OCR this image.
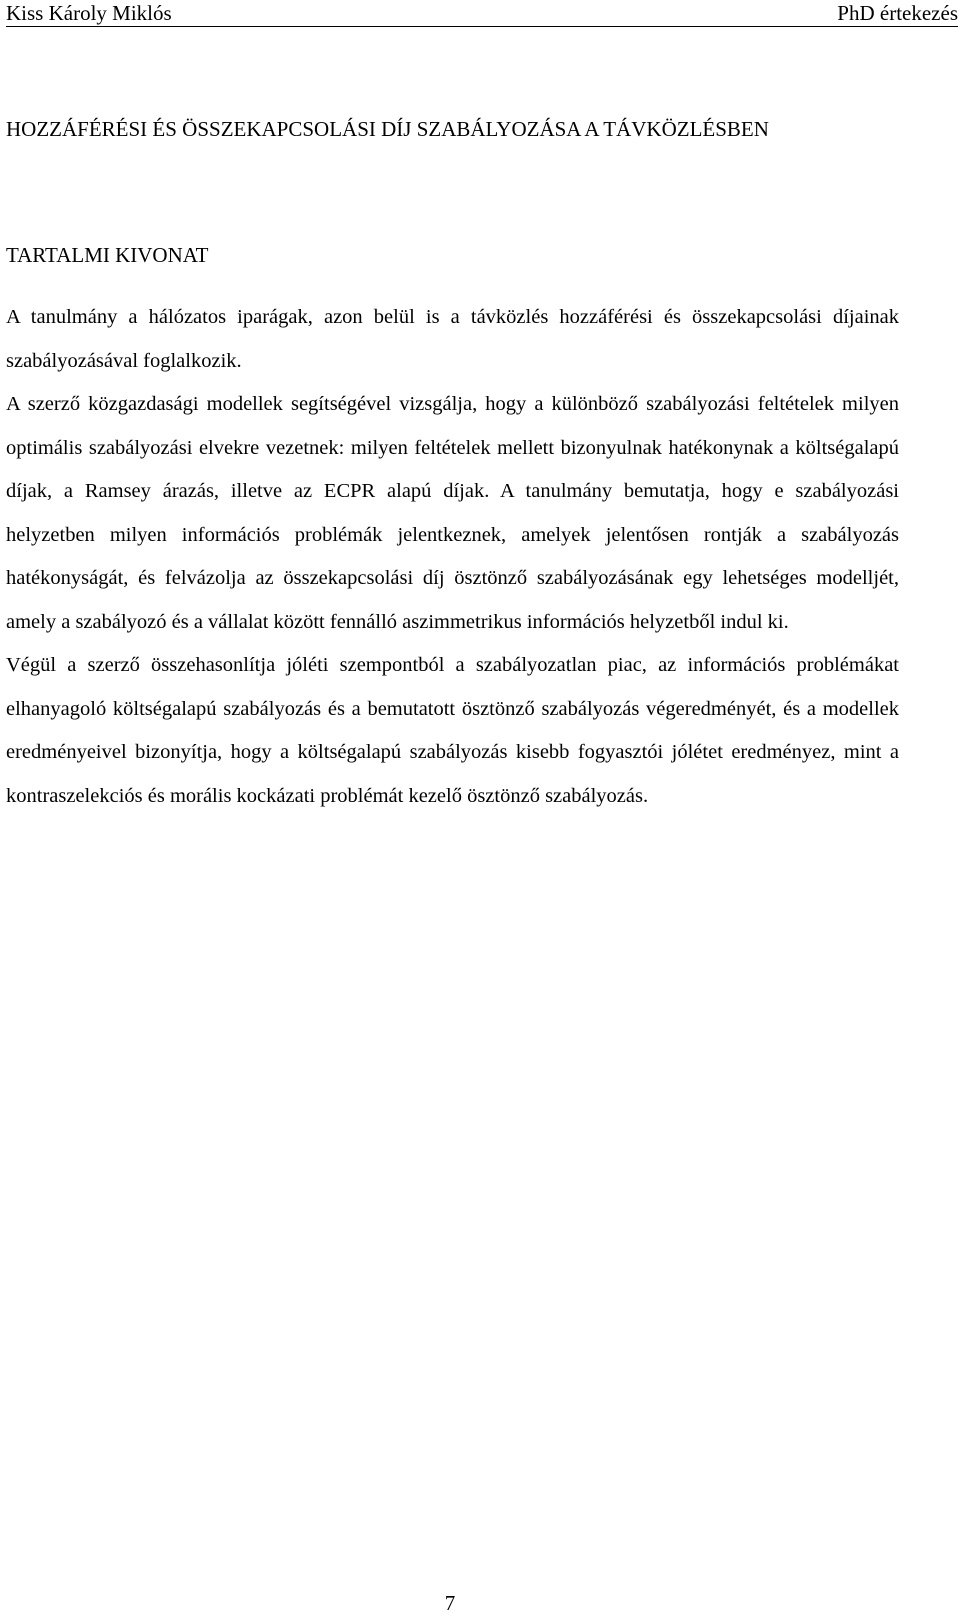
Kiss Károly Miklós	PhD értekezés
HOZZÁFÉRÉSI ÉS ÖSSZEKAPCSOLÁSI DÍJ SZABÁLYOZÁSA A TÁVKÖZLÉSBEN
TARTALMI KIVONAT

A tanulmány a hálózatos iparágak, azon belül is a távközlés hozzáférési és összekapcsolási díjainak szabályozásával foglalkozik.

A szerző közgazdasági modellek segítségével vizsgálja, hogy a különböző szabályozási feltételek milyen optimális szabályozási elvekre vezetnek: milyen feltételek mellett bizonyulnak hatékonynak a költségalapú díjak, a Ramsey árazás, illetve az ECPR alapú díjak. A tanulmány bemutatja, hogy e szabályozási helyzetben milyen információs problémák jelentkeznek, amelyek jelentősen rontják a szabályozás hatékonyságát, és felvázolja az összekapcsolási díj ösztönző szabályozásának egy lehetséges modelljét, amely a szabályozó és a vállalat között fennálló aszimmetrikus információs helyzetből indul ki.

Végül a szerző összehasonlítja jóléti szempontból a szabályozatlan piac, az információs problémákat elhanyagoló költségalapú szabályozás és a bemutatott ösztönző szabályozás végeredményét, és a modellek eredményeivel bizonyítja, hogy a költségalapú szabályozás kisebb fogyasztói jólétet eredményez, mint a kontraszelekciós és morális kockázati problémát kezelő ösztönző szabályozás.

7
